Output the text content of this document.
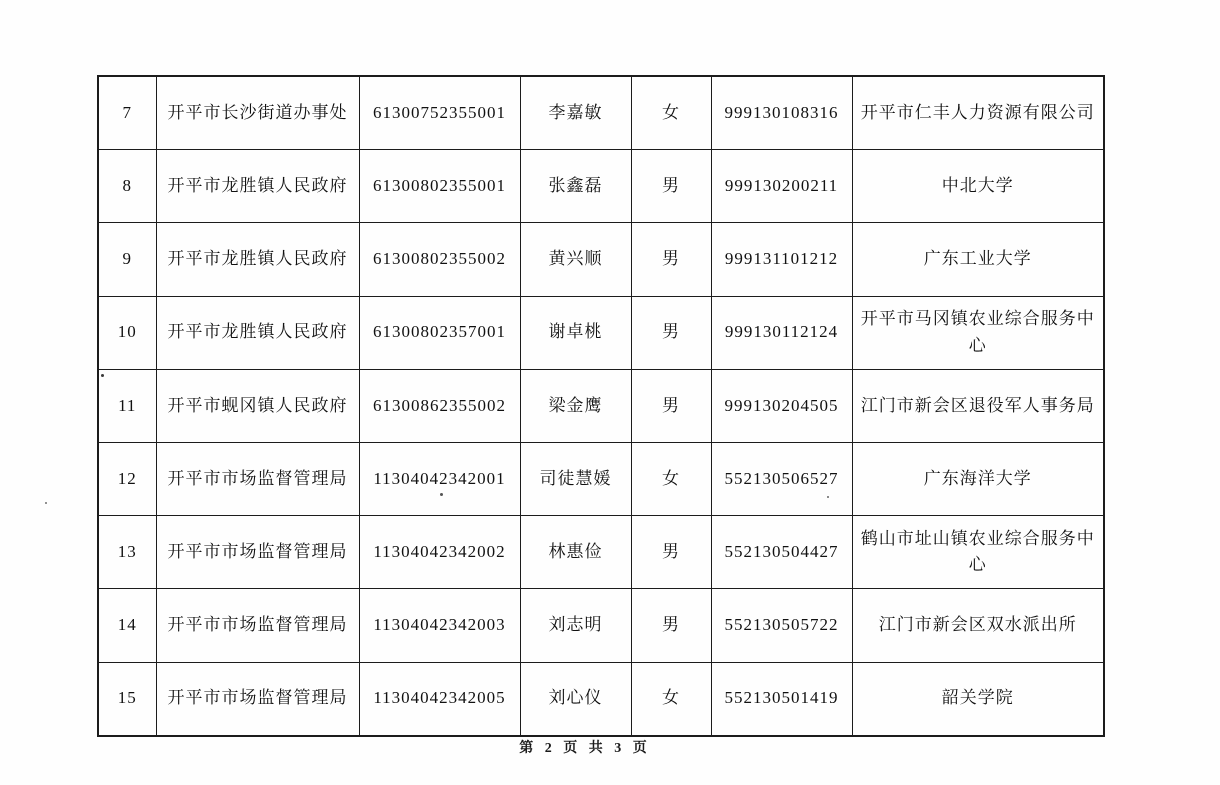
7	开平市长沙街道办事处	61300752355001	李嘉敏	女	999130108316	开平市仁丰人力资源有限公司
8	开平市龙胜镇人民政府	61300802355001	张鑫磊	男	999130200211	中北大学
9	开平市龙胜镇人民政府	61300802355002	黄兴顺	男	999131101212	广东工业大学
10	开平市龙胜镇人民政府	61300802357001	谢卓桃	男	999130112124	开平市马冈镇农业综合服务中心
11	开平市蚬冈镇人民政府	61300862355002	梁金鹰	男	999130204505	江门市新会区退役军人事务局
12	开平市市场监督管理局	11304042342001	司徒慧媛	女	552130506527	广东海洋大学
13	开平市市场监督管理局	11304042342002	林惠俭	男	552130504427	鹤山市址山镇农业综合服务中心
14	开平市市场监督管理局	11304042342003	刘志明	男	552130505722	江门市新会区双水派出所
15	开平市市场监督管理局	11304042342005	刘心仪	女	552130501419	韶关学院
第 2 页 共 3 页
